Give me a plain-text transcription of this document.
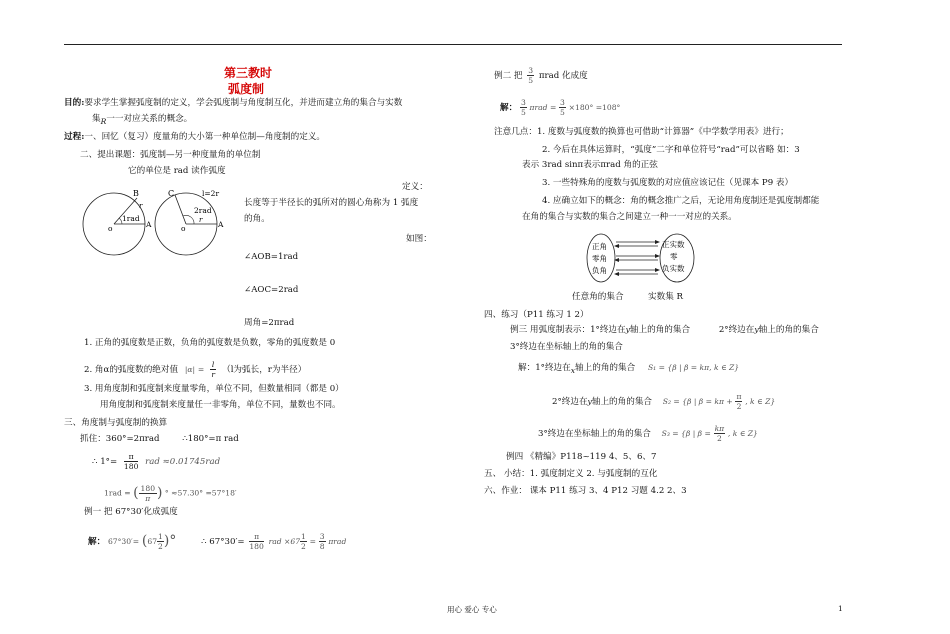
第三教时
弧度制
目的:要求学生掌握弧度制的定义，学会弧度制与角度制互化，并进而建立角的集合与实数
集R一一对应关系的概念。
过程:一、回忆（复习）度量角的大小第一种单位制—角度制的定义。
二、提出课题：弧度制—另一种度量角的单位制
它的单位是 rad 读作弧度
B
r
1rad
o	A
C	l=2r
2rad
r
o	A
定义：
长度等于半径长的弧所对的圆心角称为 1 弧度
的角。
如图：
∠AOB=1rad
∠AOC=2rad
周角=2πrad
1. 正角的弧度数是正数，负角的弧度数是负数，零角的弧度数是 0
2. 角α的弧度数的绝对值 $|\alpha| = \frac{l}{r} (l$为弧长，r为半径）
3. 用角度制和弧度制来度量零角，单位不同，但数量相同（都是 0）
用角度制和弧度制来度量任一非零角，单位不同，量数也不同。
三、角度制与弧度制的换算
抓住：360°=2πrad	∴180°=π rad
∴ $1^\circ= \frac{\pi}{180}$ rad ≈0.01745rad
1rad = ( $\frac{180}{\pi}$ ) ° ≈57.30° =57°18′
例一 把 67°30′化成弧度
解： $67^\circ 30'= (67 \frac{1}{2}$ )°	∴ $67^\circ 30'= \frac{\pi}{180}$ rad $\times 67 \frac{1}{2} = \frac{3}{8}$ πrad
例二 把 $\frac{3}{5}$ πrad 化成度
解： $\frac{3}{5}$ $\pi rad = \frac{3}{5} \times 180^\circ =108^\circ$
注意几点：1. 度数与弧度数的换算也可借助“计算器”《中学数学用表》进行；
2. 今后在具体运算时，“弧度”二字和单位符号“rad”可以省略 如：3
表示 3rad sinπ表示πrad 角的正弦
3. 一些特殊角的度数与弧度数的对应值应该记住（见课本 P9 表）
4. 应确立如下的概念：角的概念推广之后，无论用角度制还是弧度制都能
在角的集合与实数的集合之间建立一种一一对应的关系。
正角
零角
负角
正实数
零
负实数
任意角的集合	实数集 R
四、练习（P11 练习 1 2）
例三 用弧度制表示：1°终边在y轴上的角的集合	2°终边在y轴上的角的集合
3°终边在坐标轴上的角的集合
解：1°终边在x轴上的角的集合 S₁ = {β | β = kπ, k ∈ Z}
2°终边在y轴上的角的集合 S₂ = {β | $\beta = k\pi + \frac{\pi}{2}$ , k ∈ Z}
3°终边在坐标轴上的角的集合 S₃ = {β | $\beta = \frac{k\pi}{2}$ , k ∈ Z}
例四 《精编》P118~119 4、5、6、7
五、 小结：1. 弧度制定义 2. 与弧度制的互化
六、作业： 课本 P11 练习 3、4 P12 习题 4.2 2、3
用心 爱心 专心	1
